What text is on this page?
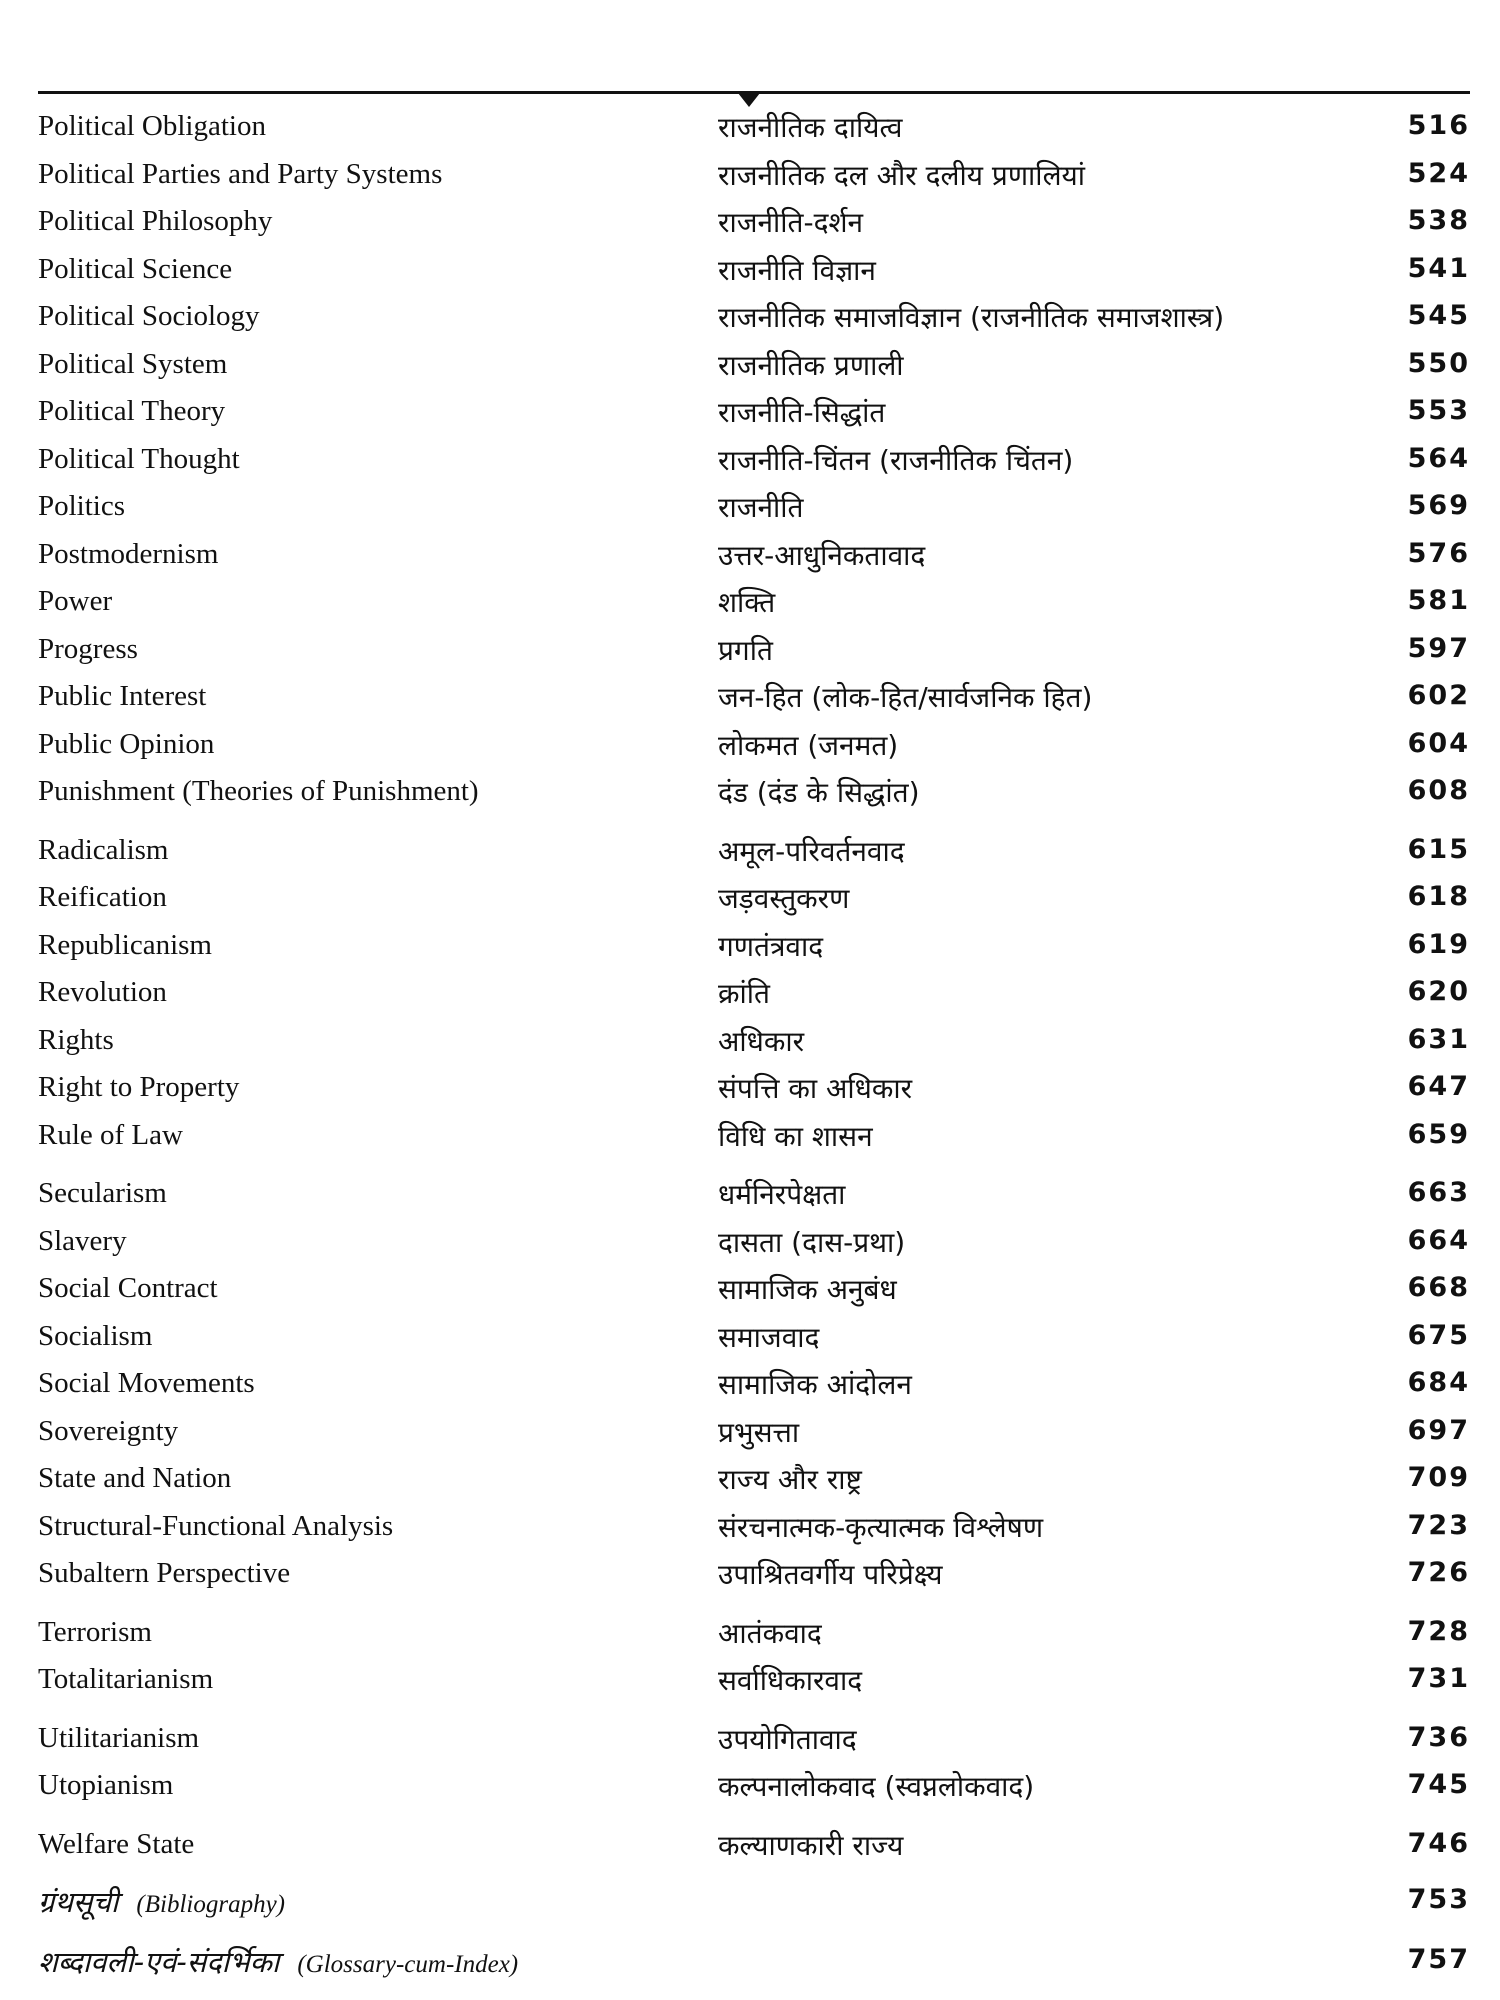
Political Obligation	राजनीतिक दायित्व	516
Political Parties and Party Systems	राजनीतिक दल और दलीय प्रणालियां	524
Political Philosophy	राजनीति-दर्शन	538
Political Science	राजनीति विज्ञान	541
Political Sociology	राजनीतिक समाजविज्ञान (राजनीतिक समाजशास्त्र)	545
Political System	राजनीतिक प्रणाली	550
Political Theory	राजनीति-सिद्धांत	553
Political Thought	राजनीति-चिंतन (राजनीतिक चिंतन)	564
Politics	राजनीति	569
Postmodernism	उत्तर-आधुनिकतावाद	576
Power	शक्ति	581
Progress	प्रगति	597
Public Interest	जन-हित (लोक-हित/सार्वजनिक हित)	602
Public Opinion	लोकमत (जनमत)	604
Punishment (Theories of Punishment)	दंड (दंड के सिद्धांत)	608
Radicalism	अमूल-परिवर्तनवाद	615
Reification	जड़वस्तुकरण	618
Republicanism	गणतंत्रवाद	619
Revolution	क्रांति	620
Rights	अधिकार	631
Right to Property	संपत्ति का अधिकार	647
Rule of Law	विधि का शासन	659
Secularism	धर्मनिरपेक्षता	663
Slavery	दासता (दास-प्रथा)	664
Social Contract	सामाजिक अनुबंध	668
Socialism	समाजवाद	675
Social Movements	सामाजिक आंदोलन	684
Sovereignty	प्रभुसत्ता	697
State and Nation	राज्य और राष्ट्र	709
Structural-Functional Analysis	संरचनात्मक-कृत्यात्मक विश्लेषण	723
Subaltern Perspective	उपाश्रितवर्गीय परिप्रेक्ष्य	726
Terrorism	आतंकवाद	728
Totalitarianism	सर्वाधिकारवाद	731
Utilitarianism	उपयोगितावाद	736
Utopianism	कल्पनालोकवाद (स्वप्नलोकवाद)	745
Welfare State	कल्याणकारी राज्य	746
ग्रंथसूची (Bibliography)	753
शब्दावली-एवं-संदर्भिका (Glossary-cum-Index)	757
